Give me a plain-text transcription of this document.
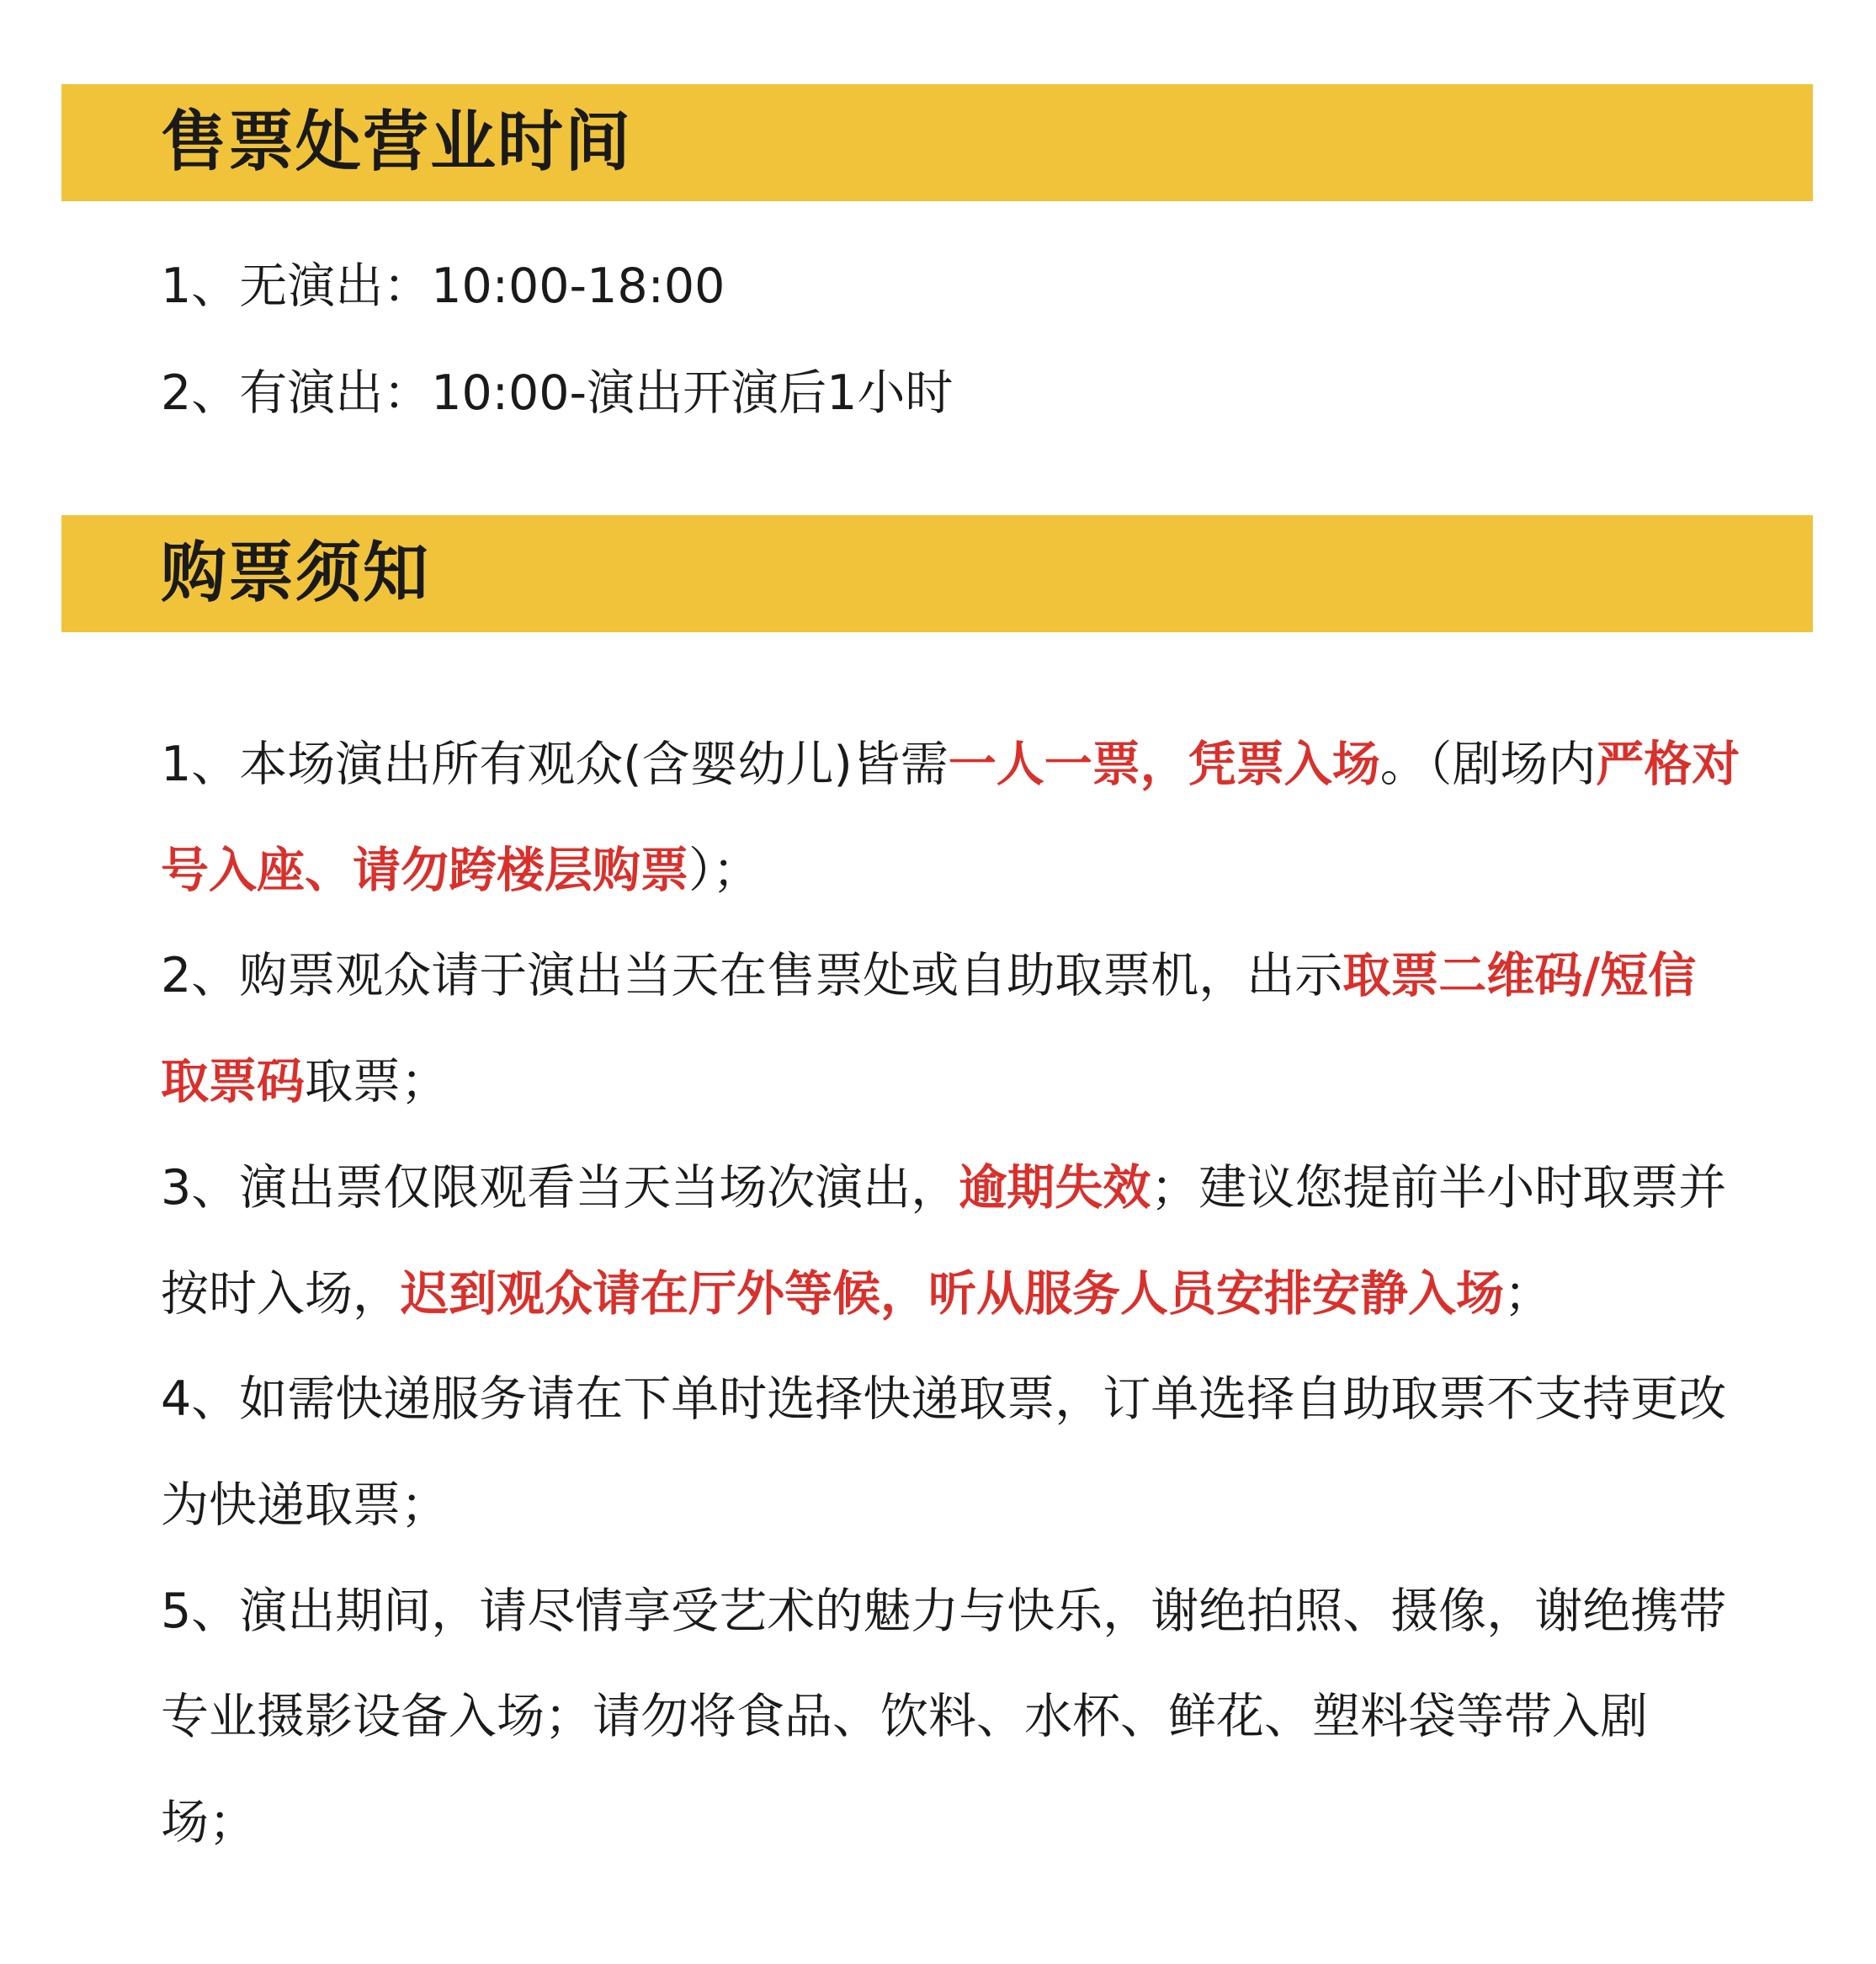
售票处营业时间
1、无演出：10:00-18:00
2、有演出：10:00-演出开演后1小时
购票须知

1、本场演出所有观众(含婴幼儿)皆需一人一票，凭票入场。（剧场内严格对号入座、请勿跨楼层购票）；

2、购票观众请于演出当天在售票处或自助取票机，出示取票二维码/短信取票码取票；

3、演出票仅限观看当天当场次演出，逾期失效；建议您提前半小时取票并按时入场，迟到观众请在厅外等候，听从服务人员安排安静入场；

4、如需快递服务请在下单时选择快递取票，订单选择自助取票不支持更改为快递取票；

5、演出期间，请尽情享受艺术的魅力与快乐，谢绝拍照、摄像，谢绝携带专业摄影设备入场；请勿将食品、饮料、水杯、鲜花、塑料袋等带入剧场；
